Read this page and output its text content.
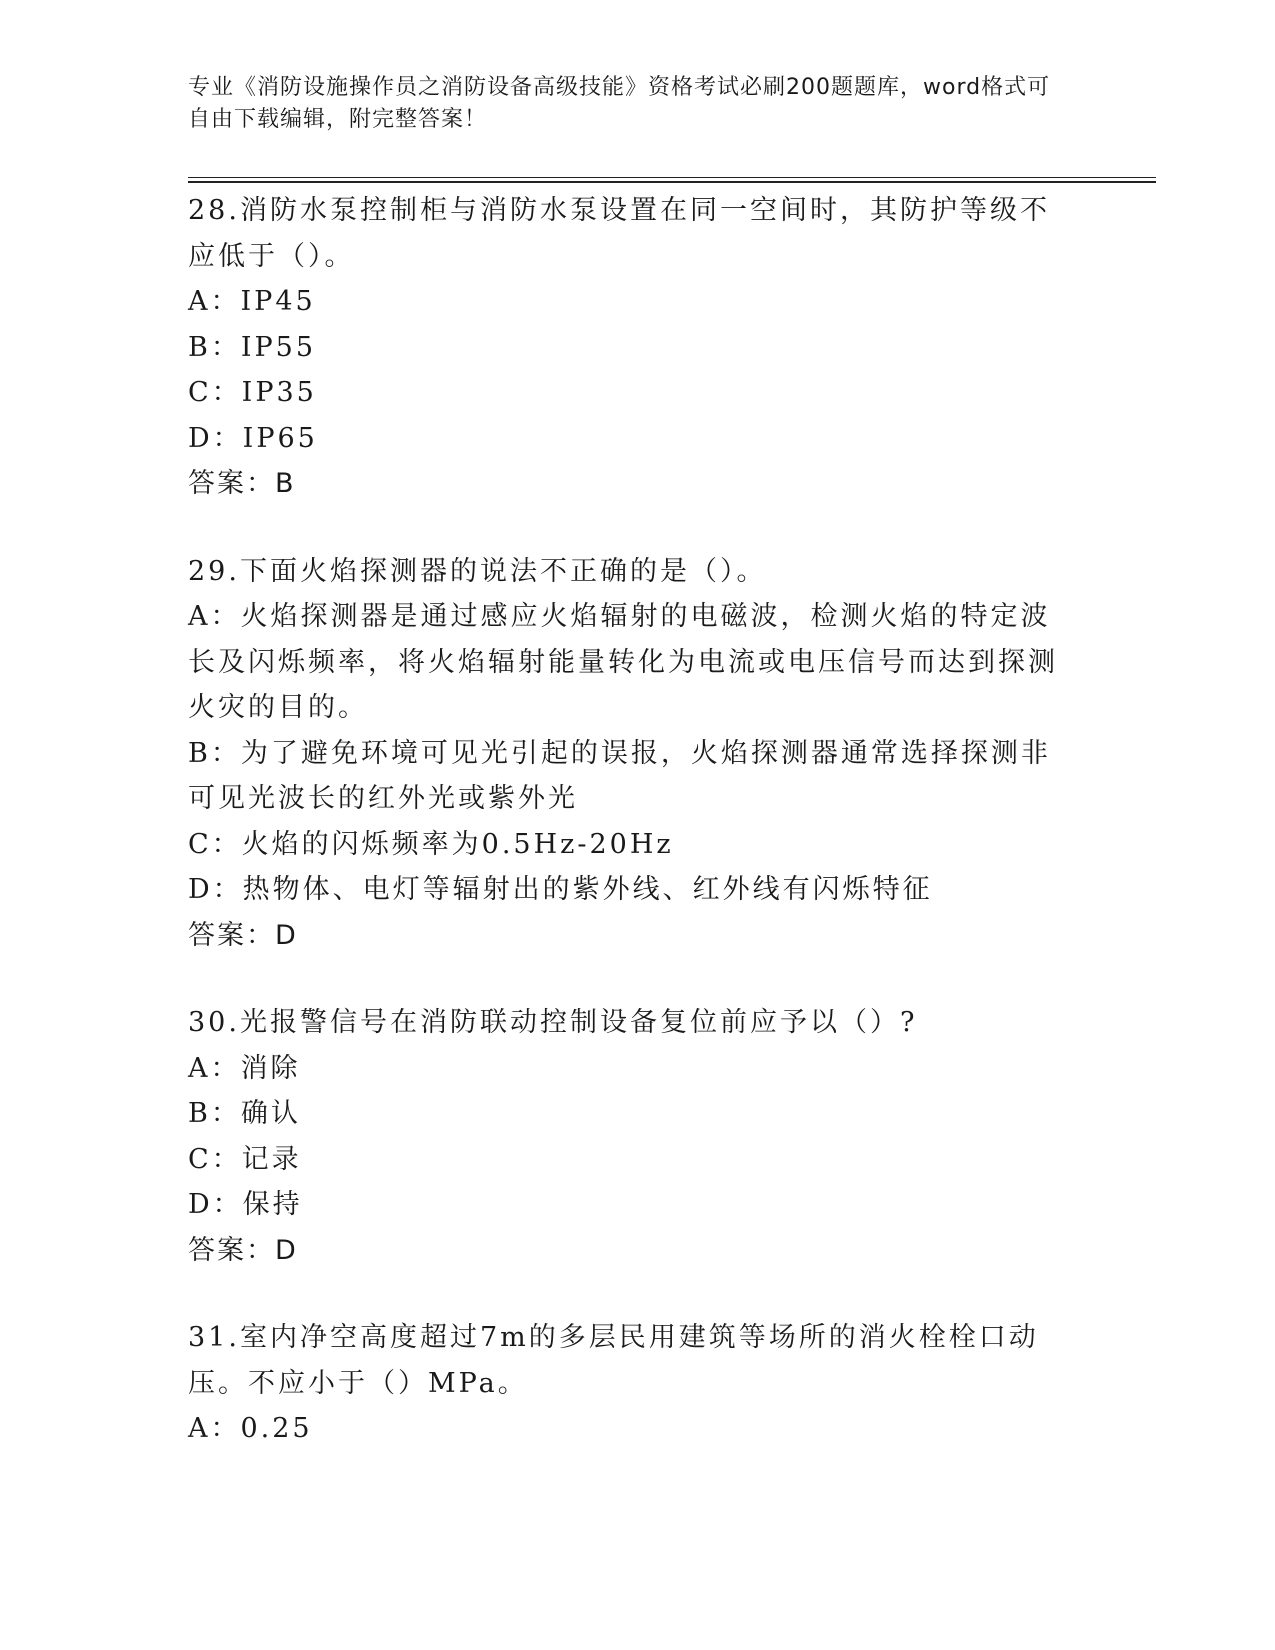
专业《消防设施操作员之消防设备高级技能》资格考试必刷200题题库，word格式可自由下载编辑，附完整答案！
28.消防水泵控制柜与消防水泵设置在同一空间时，其防护等级不应低于（）。
A：IP45
B：IP55
C：IP35
D：IP65
答案：B
29.下面火焰探测器的说法不正确的是（）。
A：火焰探测器是通过感应火焰辐射的电磁波，检测火焰的特定波长及闪烁频率，将火焰辐射能量转化为电流或电压信号而达到探测火灾的目的。
B：为了避免环境可见光引起的误报，火焰探测器通常选择探测非可见光波长的红外光或紫外光
C：火焰的闪烁频率为0.5Hz-20Hz
D：热物体、电灯等辐射出的紫外线、红外线有闪烁特征
答案：D
30.光报警信号在消防联动控制设备复位前应予以（）?
A：消除
B：确认
C：记录
D：保持
答案：D
31.室内净空高度超过7m的多层民用建筑等场所的消火栓栓口动压。不应小于（）MPa。
A：0.25
